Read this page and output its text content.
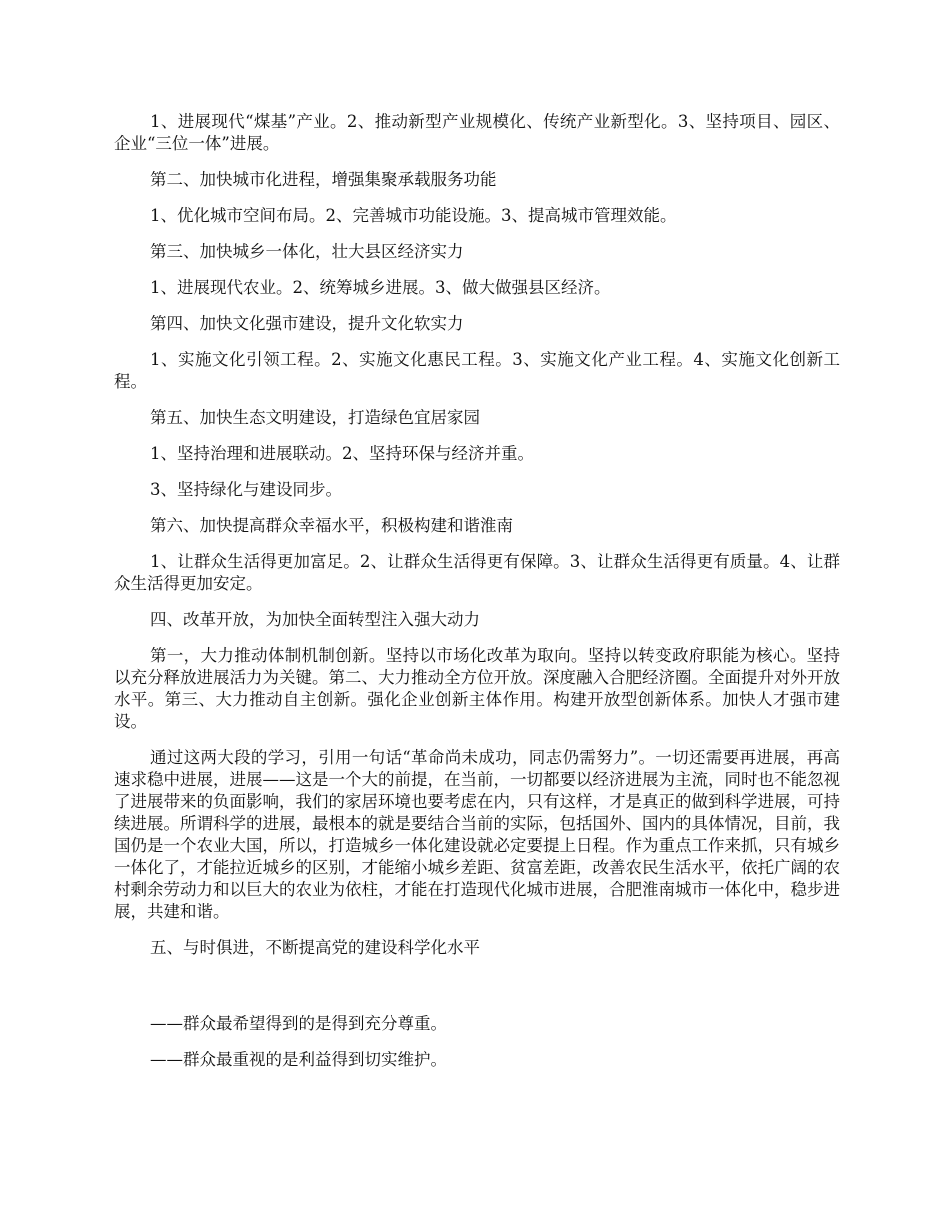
1、进展现代“煤基”产业。2、推动新型产业规模化、传统产业新型化。3、坚持项目、园区、企业“三位一体”进展。

第二、加快城市化进程，增强集聚承载服务功能

1、优化城市空间布局。2、完善城市功能设施。3、提高城市管理效能。

第三、加快城乡一体化，壮大县区经济实力

1、进展现代农业。2、统筹城乡进展。3、做大做强县区经济。

第四、加快文化强市建设，提升文化软实力

1、实施文化引领工程。2、实施文化惠民工程。3、实施文化产业工程。4、实施文化创新工程。

第五、加快生态文明建设，打造绿色宜居家园

1、坚持治理和进展联动。2、坚持环保与经济并重。

3、坚持绿化与建设同步。

第六、加快提高群众幸福水平，积极构建和谐淮南

1、让群众生活得更加富足。2、让群众生活得更有保障。3、让群众生活得更有质量。4、让群众生活得更加安定。

四、改革开放，为加快全面转型注入强大动力

第一，大力推动体制机制创新。坚持以市场化改革为取向。坚持以转变政府职能为核心。坚持以充分释放进展活力为关键。第二、大力推动全方位开放。深度融入合肥经济圈。全面提升对外开放水平。第三、大力推动自主创新。强化企业创新主体作用。构建开放型创新体系。加快人才强市建设。

通过这两大段的学习，引用一句话“革命尚未成功，同志仍需努力”。一切还需要再进展，再高速求稳中进展，进展——这是一个大的前提，在当前，一切都要以经济进展为主流，同时也不能忽视了进展带来的负面影响，我们的家居环境也要考虑在内，只有这样，才是真正的做到科学进展，可持续进展。所谓科学的进展，最根本的就是要结合当前的实际，包括国外、国内的具体情况，目前，我国仍是一个农业大国，所以，打造城乡一体化建设就必定要提上日程。作为重点工作来抓，只有城乡一体化了，才能拉近城乡的区别，才能缩小城乡差距、贫富差距，改善农民生活水平，依托广阔的农村剩余劳动力和以巨大的农业为依柱，才能在打造现代化城市进展，合肥淮南城市一体化中，稳步进展，共建和谐。

五、与时俱进，不断提高党的建设科学化水平

——群众最希望得到的是得到充分尊重。

——群众最重视的是利益得到切实维护。
